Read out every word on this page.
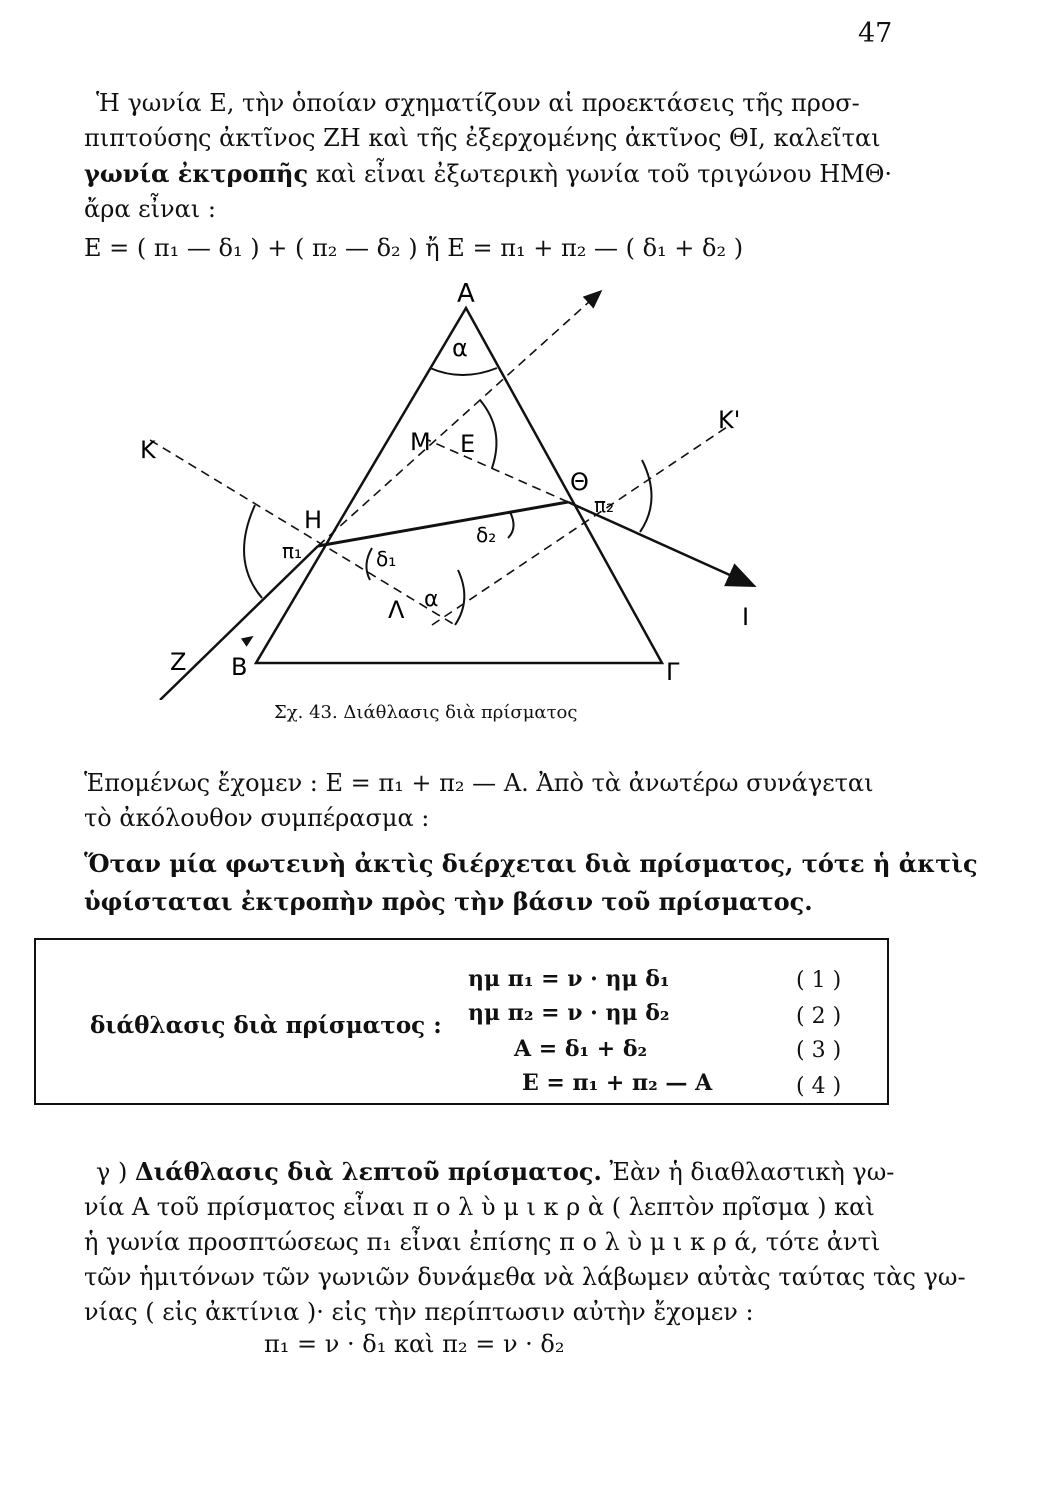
47
Ἡ γωνία Ε, τὴν ὁποίαν σχηματίζουν αἱ προεκτάσεις τῆς προσ-
πιπτούσης ἀκτῖνος ΖΗ καὶ τῆς ἐξερχομένης ἀκτῖνος ΘΙ, καλεῖται
γωνία ἐκτροπῆς καὶ εἶναι ἐξωτερικὴ γωνία τοῦ τριγώνου ΗΜΘ·
ἄρα εἶναι :
Ε = ( π₁ — δ₁ ) + ( π₂ — δ₂ ) ἤ Ε = π₁ + π₂ — ( δ₁ + δ₂ )
Α
α
Β	Γ
Η
Θ
Μ Ε
Λ α
Κ
Κ'
Ζ
Ι
π₁
π₂
δ₁
δ₂
Σχ. 43. Διάθλασις διὰ πρίσματος
Ἑπομένως ἔχομεν : Ε = π₁ + π₂ — Α. Ἀπὸ τὰ ἀνωτέρω συνάγεται
τὸ ἀκόλουθον συμπέρασμα :
Ὅταν μία φωτεινὴ ἀκτὶς διέρχεται διὰ πρίσματος, τότε ἡ ἀκτὶς
ὑφίσταται ἐκτροπὴν πρὸς τὴν βάσιν τοῦ πρίσματος.
διάθλασις διὰ πρίσματος :
ημ π₁ = ν · ημ δ₁	( 1 )
ημ π₂ = ν · ημ δ₂	( 2 )
Α = δ₁ + δ₂	( 3 )
Ε = π₁ + π₂ — Α	( 4 )
γ ) Διάθλασις διὰ λεπτοῦ πρίσματος. Ἐὰν ἡ διαθλαστικὴ γω-
νία Α τοῦ πρίσματος εἶναι π ο λ ὺ μ ι κ ρ ὰ ( λεπτὸν πρῖσμα ) καὶ
ἡ γωνία προσπτώσεως π₁ εἶναι ἐπίσης π ο λ ὺ μ ι κ ρ ά, τότε ἀντὶ
τῶν ἡμιτόνων τῶν γωνιῶν δυνάμεθα νὰ λάβωμεν αὐτὰς ταύτας τὰς γω-
νίας ( εἰς ἀκτίνια )· εἰς τὴν περίπτωσιν αὐτὴν ἔχομεν :
π₁ = ν · δ₁ καὶ π₂ = ν · δ₂
